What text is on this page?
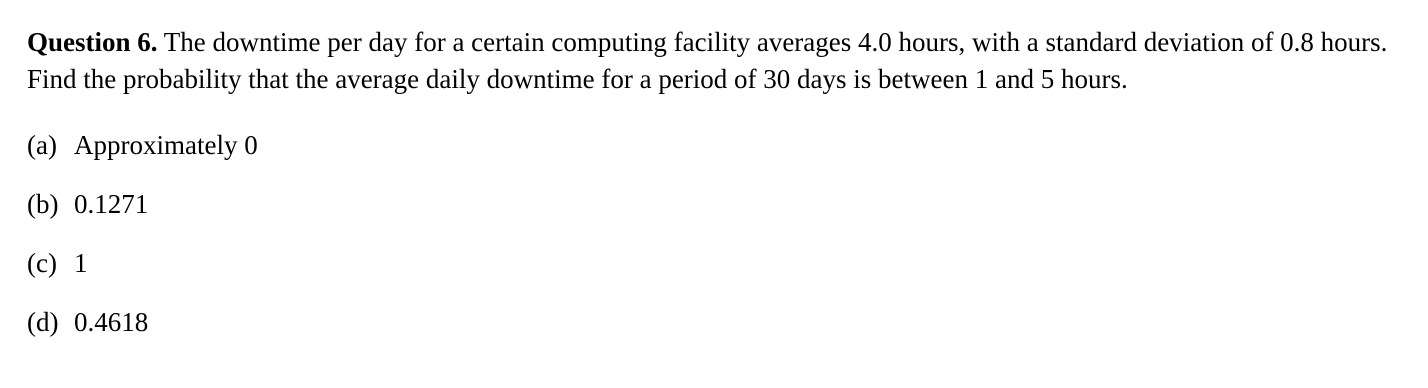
Question 6. The downtime per day for a certain computing facility averages 4.0 hours, with a standard deviation of 0.8 hours. Find the probability that the average daily downtime for a period of 30 days is between 1 and 5 hours.
(a) Approximately 0
(b) 0.1271
(c) 1
(d) 0.4618
